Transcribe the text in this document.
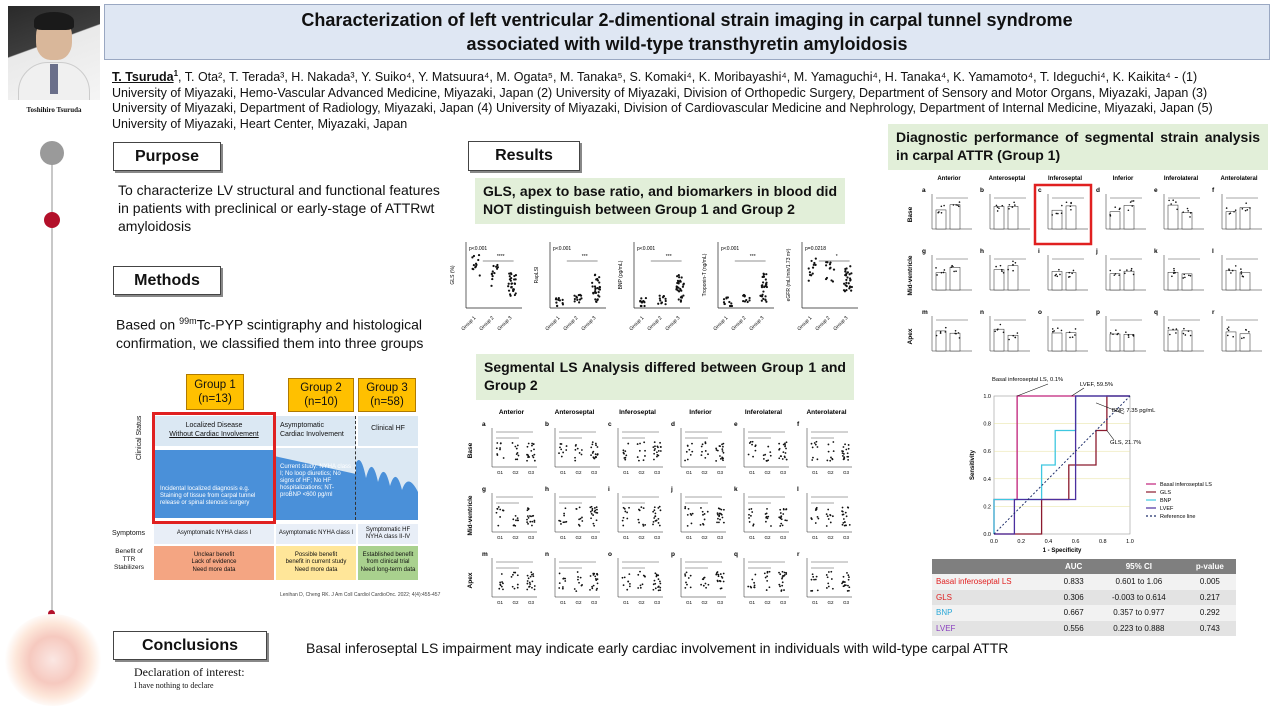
Toshihiro Tsuruda
Characterization of left ventricular 2-dimentional strain imaging in carpal tunnel syndrome
associated with wild-type transthyretin amyloidosis
T. Tsuruda$^1$, T. Ota², T. Terada³, H. Nakada³, Y. Suiko⁴, Y. Matsuura⁴, M. Ogata⁵, M. Tanaka⁵, S. Komaki⁴, K. Moribayashi⁴, M. Yamaguchi⁴, H. Tanaka⁴, K. Yamamoto⁴, T. Ideguchi⁴, K. Kaikita⁴ - (1)
University of Miyazaki, Hemo-Vascular Advanced Medicine, Miyazaki, Japan (2) University of Miyazaki, Division of Orthopedic Surgery, Department of Sensory and Motor Organs, Miyazaki, Japan (3)
University of Miyazaki, Department of Radiology, Miyazaki, Japan (4) University of Miyazaki, Division of Cardiovascular Medicine and Nephrology, Department of Internal Medicine, Miyazaki, Japan (5)
University of Miyazaki, Heart Center, Miyazaki, Japan
Purpose
To characterize LV structural and functional features in patients with preclinical or early-stage of ATTRwt amyloidosis
Methods
Based on $^{99m}$Tc-PYP scintigraphy and histological confirmation, we classified them into three groups
Group 1
(n=13)
Group 2
(n=10)
Group 3
(n=58)
Localized Disease
Without Cardiac Involvement
Asymptomatic
Cardiac Involvement
Clinical HF
Incidental localized diagnosis e.g. Staining of tissue from carpal tunnel release or spinal stenosis surgery
Current study: NYHA class I; No loop diuretics; No signs of HF; No HF hospitalizations; NT-proBNP <600 pg/ml
Clinical Status
Symptoms
Benefit of TTR Stabilizers
Asymptomatic NYHA class I	Asymptomatic NYHA class I
Symptomatic HF NYHA class II-IV
Unclear benefit
Lack of evidence
Need more data
Possible benefit
benefit in current study
Need more data
Established benefit
from clinical trial
Need long-term data
Lenihan D, Cheng RK. J Am Coll Cardiol CardioOnc. 2022; 4(4):455-457
Results
GLS, apex to base ratio, and biomarkers in blood did NOT distinguish between Group 1 and Group 2
GLS (%)
p<0.001
****
Group 1 Group 2 Group 3
RapLSI
p<0.001
***
Group 1 Group 2 Group 3
BNP (pg/mL)
p<0.001
***
Group 1 Group 2 Group 3
Troponin-T (ng/mL)
p<0.001
***
Group 1 Group 2 Group 3
eGFR (mL/min/1.73 m²)	p=0.0218
*
Group 1 Group 2 Group 3
Segmental LS Analysis differed between Group 1 and Group 2
Anterior	Anteroseptal	Inferoseptal	Inferior	Inferolateral	Anterolateral
Base
a
G1 G2 G3
b
G1 G2 G3
c
G1 G2 G3
d
G1 G2 G3
e
G1 G2 G3
f
G1 G2 G3
Mid-ventricle
g
G1 G2 G3
h
G1 G2 G3
i
G1 G2 G3
j
G1 G2 G3
k
G1 G2 G3
l
G1 G2 G3
Apex
m
G1 G2 G3
n
G1 G2 G3
o
G1 G2 G3
p
G1 G2 G3
q
G1 G2 G3
r
G1 G2 G3
Diagnostic performance of segmental strain analysis in carpal ATTR (Group 1)
Anterior	Anteroseptal	Inferoseptal	Inferior	Inferolateral	Anterolateral
Base
a	b	c	d	e	f
Mid-ventricle
g	h	i	j	k	l
Apex
m	n	o	p	q	r
0.0
0.0
0.2
0.2
0.4
0.4
0.6
0.6
0.8
0.8
1.0
1.0
1 - Specificity
Sensitivity
Basal inferoseptal LS, 0.1%
LVEF, 59.5%
BNP, 7.35 pg/mL
GLS, 21.7%
Basal inferoseptal LS
GLS
BNP
LVEF
Reference line
	AUC	95% CI	p-value
Basal inferoseptal LS	0.833	0.601 to 1.06	0.005
GLS	0.306	-0.003 to 0.614	0.217
BNP	0.667	0.357 to 0.977	0.292
LVEF	0.556	0.223 to 0.888	0.743
Conclusions	Basal inferoseptal LS impairment may indicate early cardiac involvement in individuals with wild-type carpal ATTR
Declaration of interest:
I have nothing to declare
